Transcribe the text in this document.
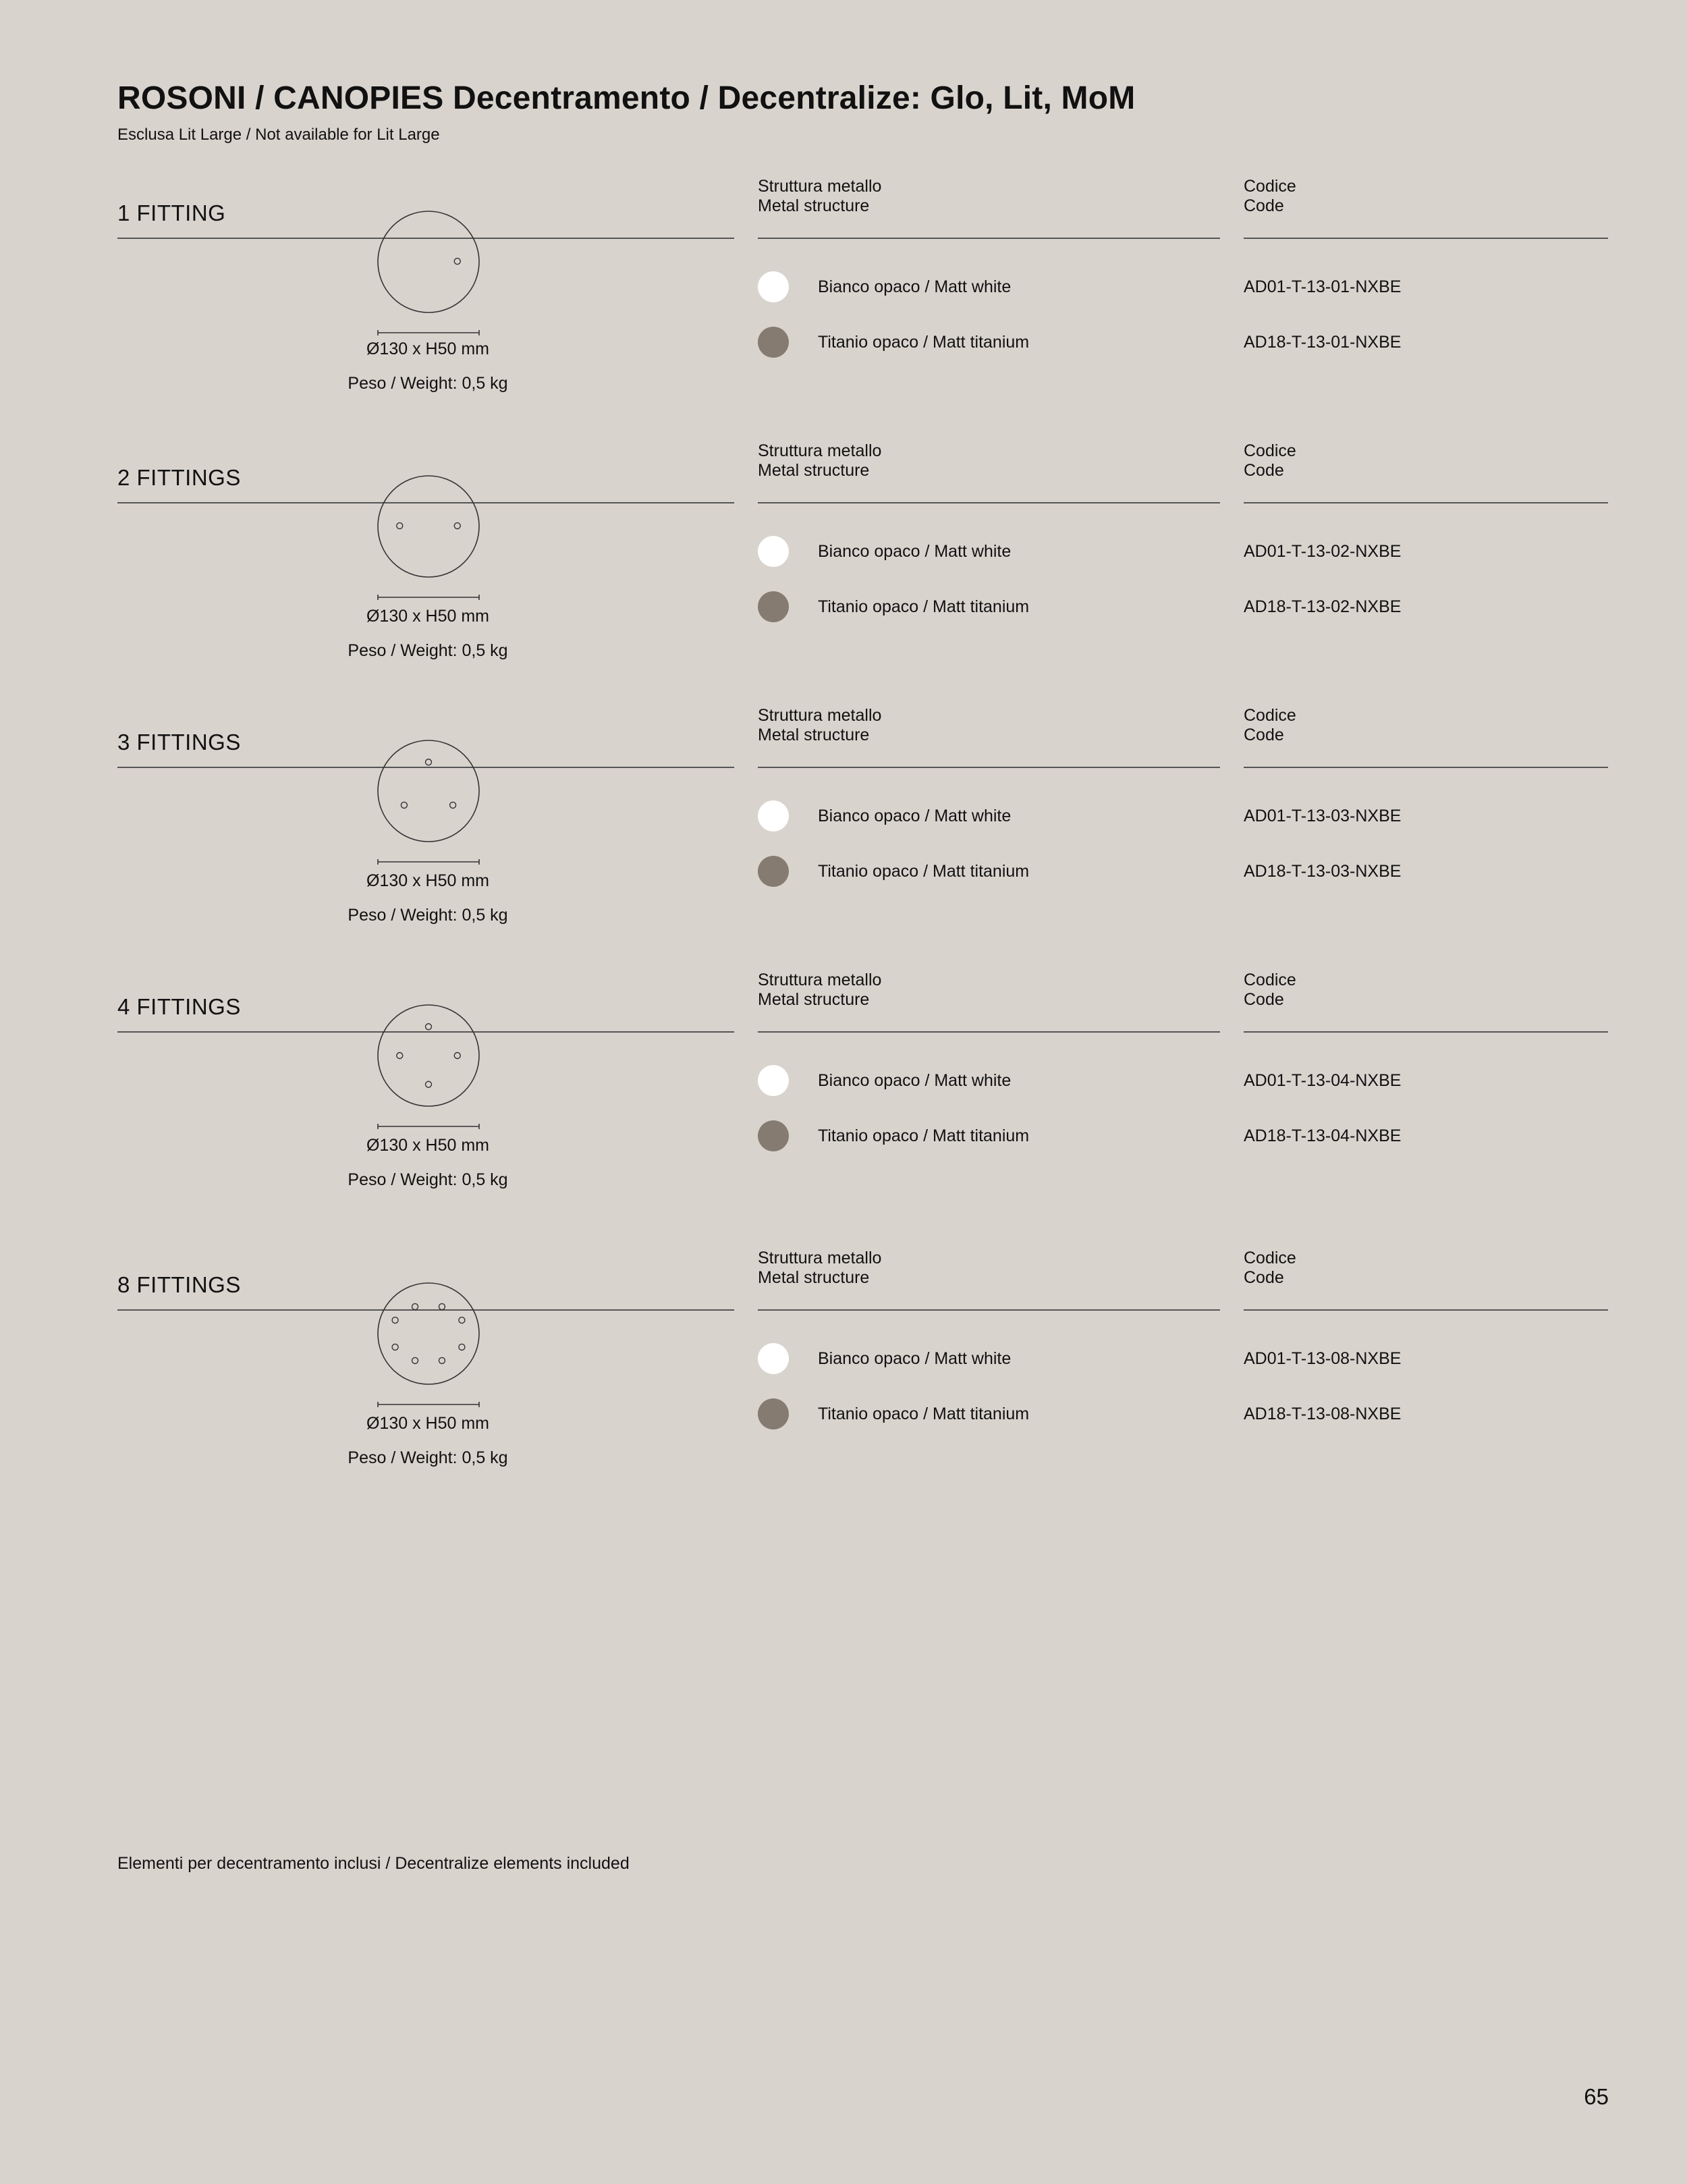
ROSONI / CANOPIES Decentramento / Decentralize: Glo, Lit, MoM

Esclusa Lit Large / Not available for Lit Large

1 FITTING
Struttura metallo
Metal structure
Codice
Code
Ø130 x H50 mm
Peso / Weight: 0,5 kg
Bianco opaco / Matt white	AD01-T-13-01-NXBE
Titanio opaco / Matt titanium	AD18-T-13-01-NXBE
2 FITTINGS
Struttura metallo
Metal structure
Codice
Code
Ø130 x H50 mm
Peso / Weight: 0,5 kg
Bianco opaco / Matt white	AD01-T-13-02-NXBE
Titanio opaco / Matt titanium	AD18-T-13-02-NXBE
3 FITTINGS
Struttura metallo
Metal structure
Codice
Code
Ø130 x H50 mm
Peso / Weight: 0,5 kg
Bianco opaco / Matt white	AD01-T-13-03-NXBE
Titanio opaco / Matt titanium	AD18-T-13-03-NXBE
4 FITTINGS
Struttura metallo
Metal structure
Codice
Code
Ø130 x H50 mm
Peso / Weight: 0,5 kg
Bianco opaco / Matt white	AD01-T-13-04-NXBE
Titanio opaco / Matt titanium	AD18-T-13-04-NXBE
8 FITTINGS
Struttura metallo
Metal structure
Codice
Code
Ø130 x H50 mm
Peso / Weight: 0,5 kg
Bianco opaco / Matt white	AD01-T-13-08-NXBE
Titanio opaco / Matt titanium	AD18-T-13-08-NXBE
Elementi per decentramento inclusi / Decentralize elements included
65
